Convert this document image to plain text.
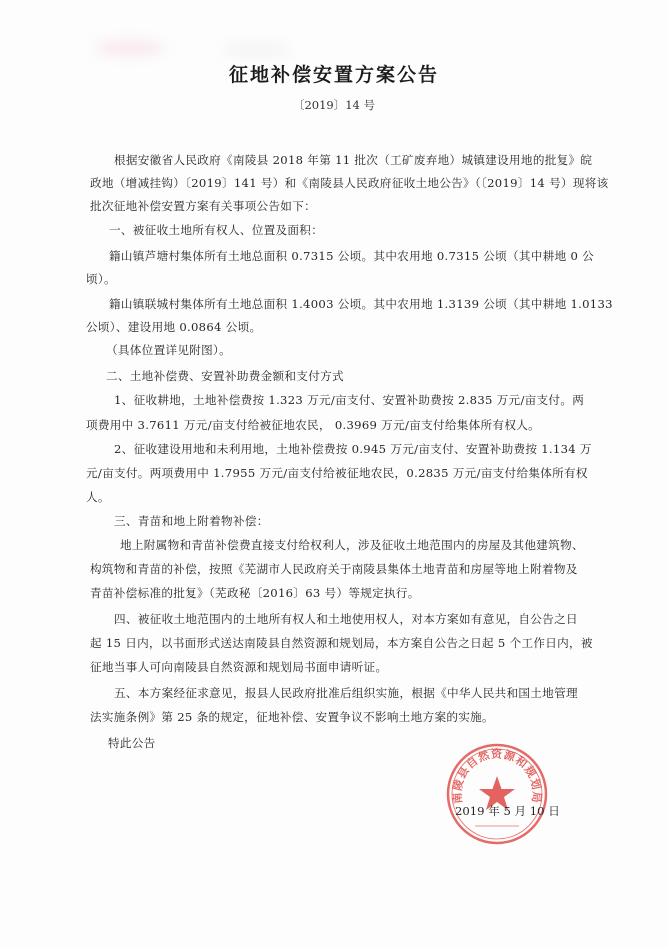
征地补偿安置方案公告
〔2019〕14 号
根据安徽省人民政府《南陵县 2018 年第 11 批次（工矿废弃地）城镇建设用地的批复》皖
政地（增减挂钩）〔2019〕141 号）和《南陵县人民政府征收土地公告》（〔2019〕14 号）现将该
批次征地补偿安置方案有关事项公告如下：
一、被征收土地所有权人、位置及面积：
籍山镇芦塘村集体所有土地总面积 0.7315 公顷。其中农用地 0.7315 公顷（其中耕地 0 公
顷）。
籍山镇联城村集体所有土地总面积 1.4003 公顷。其中农用地 1.3139 公顷（其中耕地 1.0133
公顷）、建设用地 0.0864 公顷。
（具体位置详见附图）。
二、土地补偿费、安置补助费金额和支付方式
1、征收耕地，土地补偿费按 1.323 万元/亩支付、安置补助费按 2.835 万元/亩支付。两
项费用中 3.7611 万元/亩支付给被征地农民， 0.3969 万元/亩支付给集体所有权人。
2、征收建设用地和未利用地，土地补偿费按 0.945 万元/亩支付、安置补助费按 1.134 万
元/亩支付。两项费用中 1.7955 万元/亩支付给被征地农民，0.2835 万元/亩支付给集体所有权
人。
三、青苗和地上附着物补偿：
地上附属物和青苗补偿费直接支付给权利人，涉及征收土地范围内的房屋及其他建筑物、
构筑物和青苗的补偿，按照《芜湖市人民政府关于南陵县集体土地青苗和房屋等地上附着物及
青苗补偿标准的批复》（芜政秘〔2016〕63 号）等规定执行。
四、被征收土地范围内的土地所有权人和土地使用权人，对本方案如有意见，自公告之日
起 15 日内，以书面形式送达南陵县自然资源和规划局，本方案自公告之日起 5 个工作日内，被
征地当事人可向南陵县自然资源和规划局书面申请听证。
五、本方案经征求意见，报县人民政府批准后组织实施，根据《中华人民共和国土地管理
法实施条例》第 25 条的规定，征地补偿、安置争议不影响土地方案的实施。
特此公告
南陵县自然资源和规划局
2019 年 5 月 10 日
